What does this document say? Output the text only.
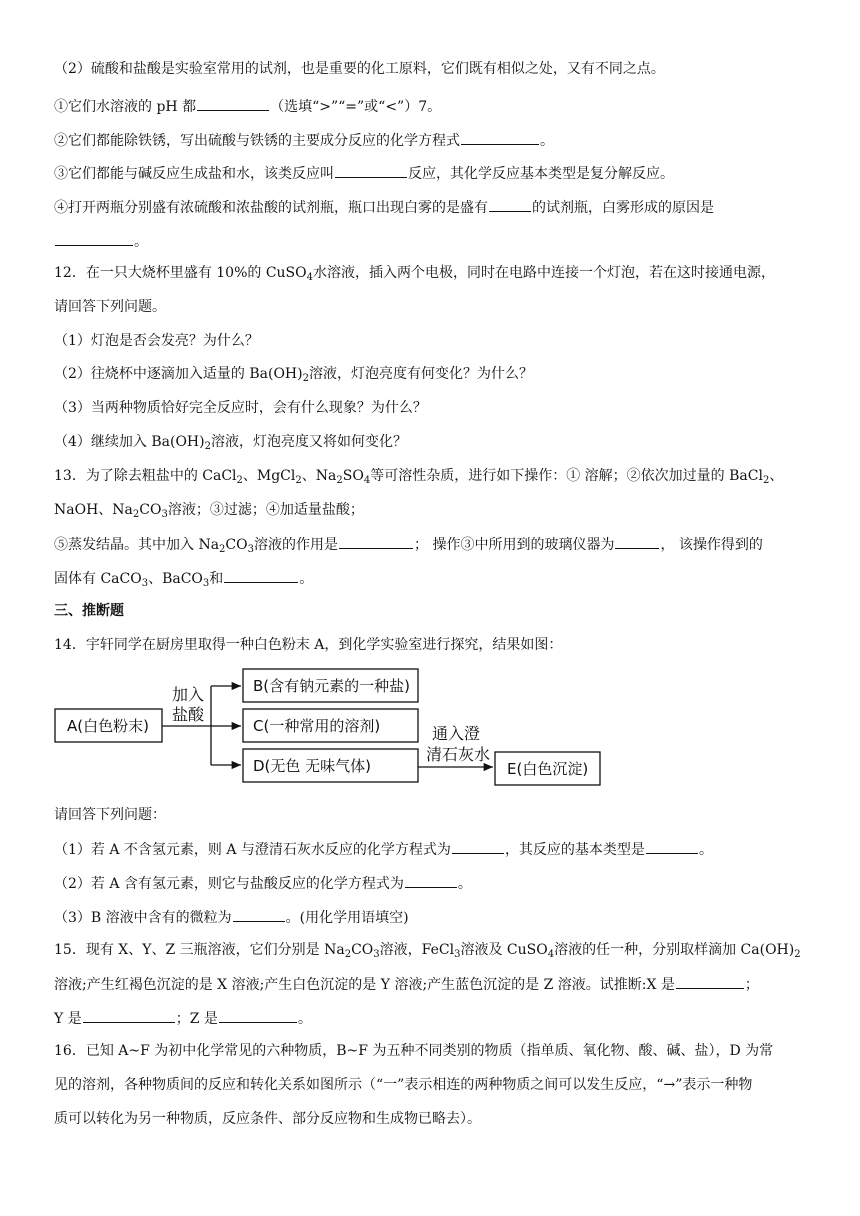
（2）硫酸和盐酸是实验室常用的试剂，也是重要的化工原料，它们既有相似之处，又有不同之点。
①它们水溶液的 pH 都	（选填“>”“=”或“<”）7。
②它们都能除铁锈，写出硫酸与铁锈的主要成分反应的化学方程式	。
③它们都能与碱反应生成盐和水，该类反应叫	反应，其化学反应基本类型是复分解反应。
④打开两瓶分别盛有浓硫酸和浓盐酸的试剂瓶，瓶口出现白雾的是盛有	的试剂瓶，白雾形成的原因是
。
12．在一只大烧杯里盛有 10%的 CuSO$_4$水溶液，插入两个电极，同时在电路中连接一个灯泡，若在这时接通电源，
请回答下列问题。
（1）灯泡是否会发亮？为什么？
（2）往烧杯中逐滴加入适量的 $Ba(OH)_2$溶液，灯泡亮度有何变化？为什么？
（3）当两种物质恰好完全反应时，会有什么现象？为什么？
（4）继续加入 $Ba(OH)_2$溶液，灯泡亮度又将如何变化？
13．为了除去粗盐中的 CaCl$_2$、MgCl$_2$、$Na_2SO_4$等可溶性杂质，进行如下操作：① 溶解；②依次加过量的 BaCl$_2$、
NaOH、$Na_2CO_3$溶液；③过滤；④加适量盐酸；
⑤蒸发结晶。其中加入 $Na_2CO_3$溶液的作用是	； 操作③中所用到的玻璃仪器为	， 该操作得到的
固体有 CaCO$_3$、BaCO$_3$和	。
三、推断题
14．宇轩同学在厨房里取得一种白色粉末 A，到化学实验室进行探究，结果如图：
A(白色粉末)
B(含有钠元素的一种盐)
C(一种常用的溶剂)
D(无色 无味气体)	E(白色沉淀)
加入
盐酸
通入澄
清石灰水
请回答下列问题：
（1）若 A 不含氢元素，则 A 与澄清石灰水反应的化学方程式为	，其反应的基本类型是	。
（2）若 A 含有氢元素，则它与盐酸反应的化学方程式为	。
（3）B 溶液中含有的微粒为	。(用化学用语填空)
15．现有 X、Y、Z 三瓶溶液，它们分别是 $Na_2CO_3$溶液，FeCl$_3$溶液及 CuSO$_4$溶液的任一种，分别取样滴加 $Ca(OH)_2$
溶液;产生红褐色沉淀的是 X 溶液;产生白色沉淀的是 Y 溶液;产生蓝色沉淀的是 Z 溶液。试推断:X 是	；
Y 是	；Z 是	。
16．已知 A~F 为初中化学常见的六种物质，B~F 为五种不同类别的物质（指单质、氧化物、酸、碱、盐），D 为常
见的溶剂，各种物质间的反应和转化关系如图所示（“一”表示相连的两种物质之间可以发生反应，“→”表示一种物
质可以转化为另一种物质，反应条件、部分反应物和生成物已略去）。
